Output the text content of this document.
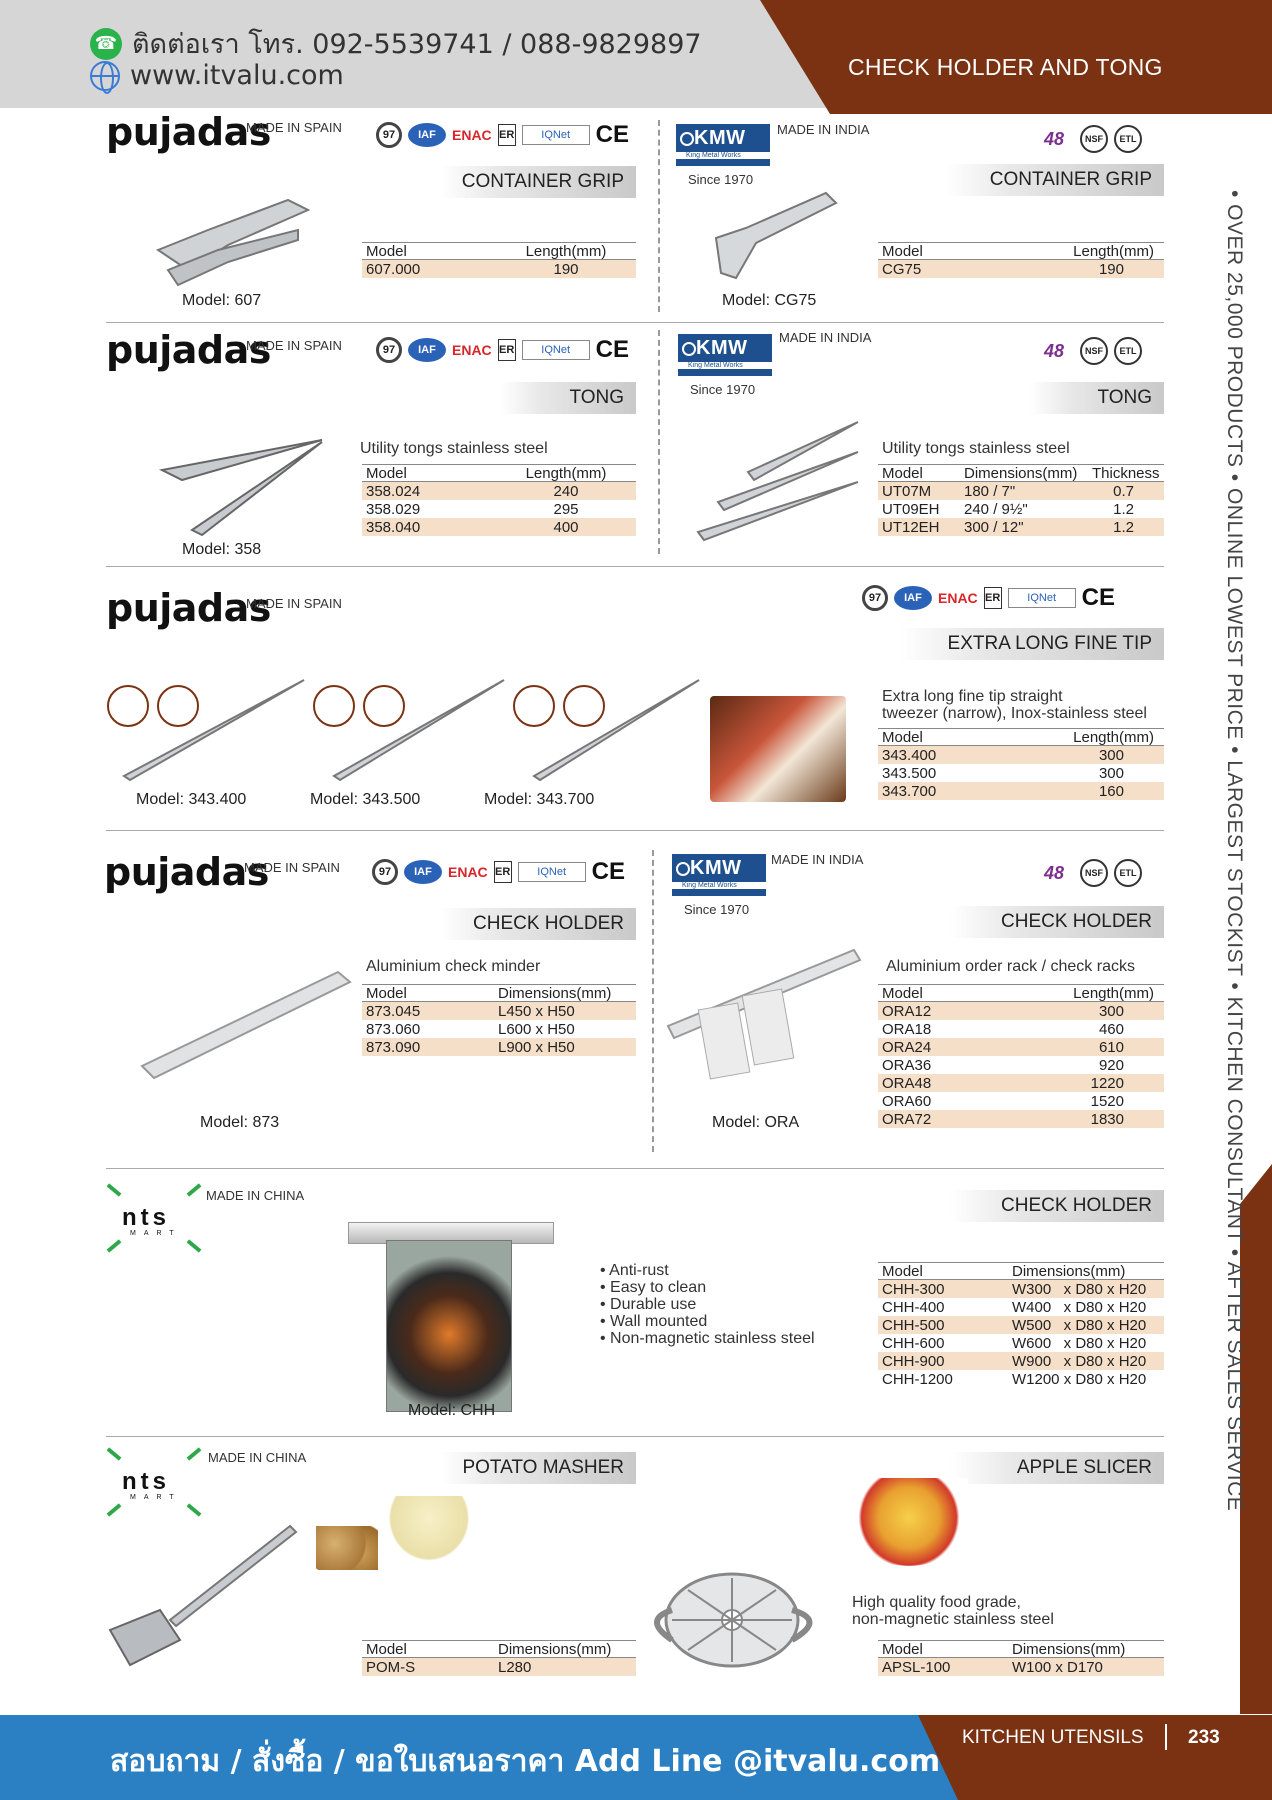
☎ ติดต่อเรา โทร. 092-5539741 / 088-9829897
www.itvalu.com	CHECK HOLDER AND TONG
• OVER 25,000 PRODUCTS • ONLINE LOWEST PRICE • LARGEST STOCKIST • KITCHEN CONSULTANT • AFTER SALES SERVICE
pujadas
MADE IN SPAIN	97	IAF	ENAC ER	IQNet	CE
CONTAINER GRIP
Model: 607
Model	Length(mm)
607.000	190
KMW
King Metal Works
MADE IN INDIA
Since 1970
48	NSF	ETL
CONTAINER GRIP
Model: CG75
Model	Length(mm)
CG75	190
pujadas
MADE IN SPAIN	97	IAF	ENAC ER	IQNet	CE
TONG
Model: 358
Utility tongs stainless steel
Model	Length(mm)
358.024	240
358.029	295
358.040	400
KMW
King Metal Works
MADE IN INDIA
Since 1970
48	NSF	ETL
TONG
Utility tongs stainless steel
Model	Dimensions(mm) Thickness
UT07M	180 / 7"	0.7
UT09EH	240 / 9½"	1.2
UT12EH	300 / 12"	1.2
pujadas
MADE IN SPAIN	97	IAF	ENAC ER	IQNet	CE
EXTRA LONG FINE TIP
Model: 343.400	Model: 343.500	Model: 343.700
Extra long fine tip straight
tweezer (narrow), Inox-stainless steel
Model	Length(mm)
343.400	300
343.500	300
343.700	160
pujadas
MADE IN SPAIN	97	IAF	ENAC ER	IQNet	CE
CHECK HOLDER
Model: 873
Aluminium check minder
Model	Dimensions(mm)
873.045	L450 x H50
873.060	L600 x H50
873.090	L900 x H50
KMW
King Metal Works
MADE IN INDIA
Since 1970
48	NSF	ETL
CHECK HOLDER
Model: ORA
Aluminium order rack / check racks
Model	Length(mm)
ORA12	300
ORA18	460
ORA24	610
ORA36	920
ORA48	1220
ORA60	1520
ORA72	1830
nts
MART
MADE IN CHINA	CHECK HOLDER
Model: CHH
• Anti-rust
• Easy to clean
• Durable use
• Wall mounted
• Non-magnetic stainless steel
Model	Dimensions(mm)
CHH-300	W300   x D80 x H20
CHH-400	W400   x D80 x H20
CHH-500	W500   x D80 x H20
CHH-600	W600   x D80 x H20
CHH-900	W900   x D80 x H20
CHH-1200	W1200 x D80 x H20
nts
MART
MADE IN CHINA	POTATO MASHER
Model	Dimensions(mm)
POM-S	L280
APPLE SLICER
High quality food grade,
non-magnetic stainless steel
Model	Dimensions(mm)
APSL-100	W100 x D170
สอบถาม / สั่งซื้อ / ขอใบเสนอราคา Add Line @itvalu.com
KITCHEN UTENSILS 233
